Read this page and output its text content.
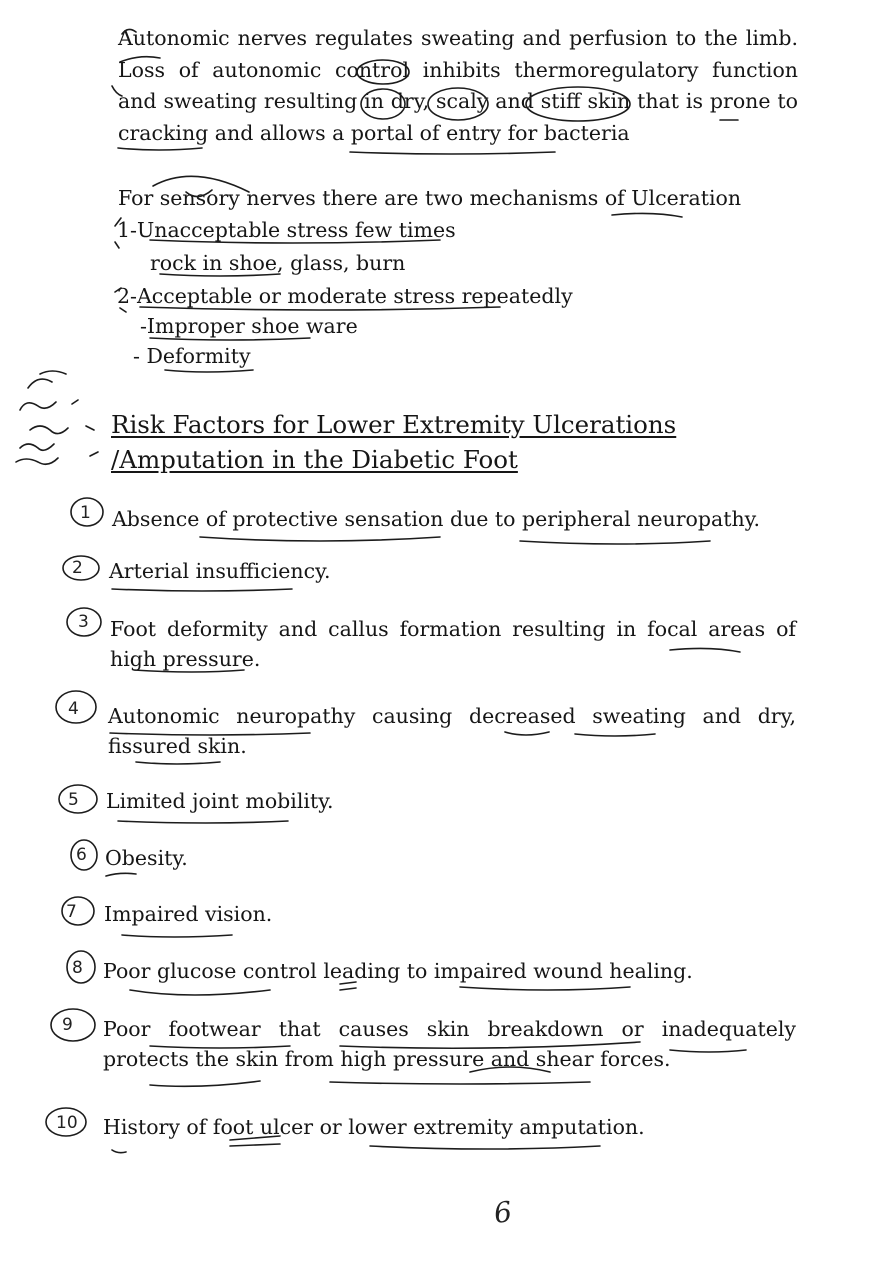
Autonomic nerves regulates sweating and perfusion to the limb.
Loss of autonomic control inhibits thermoregulatory function
and sweating resulting in dry, scaly and stiff skin that is prone to
cracking and allows a portal of entry for bacteria

For sensory nerves there are two mechanisms of Ulceration

1-Unacceptable stress few times

rock in shoe, glass, burn

2-Acceptable or moderate stress repeatedly

-Improper shoe ware

- Deformity

Risk Factors for Lower Extremity Ulcerations

/Amputation in the Diabetic Foot

1 Absence of protective sensation due to peripheral neuropathy.
2 Arterial insufficiency.
3 Foot deformity and callus formation resulting in focal areas of
high pressure.
4 Autonomic neuropathy causing decreased sweating and dry,
fissured skin.
5 Limited joint mobility.
6 Obesity.
7 Impaired vision.
8 Poor glucose control leading to impaired wound healing.
9 Poor footwear that causes skin breakdown or inadequately
protects the skin from high pressure and shear forces.
10 History of foot ulcer or lower extremity amputation.
6
